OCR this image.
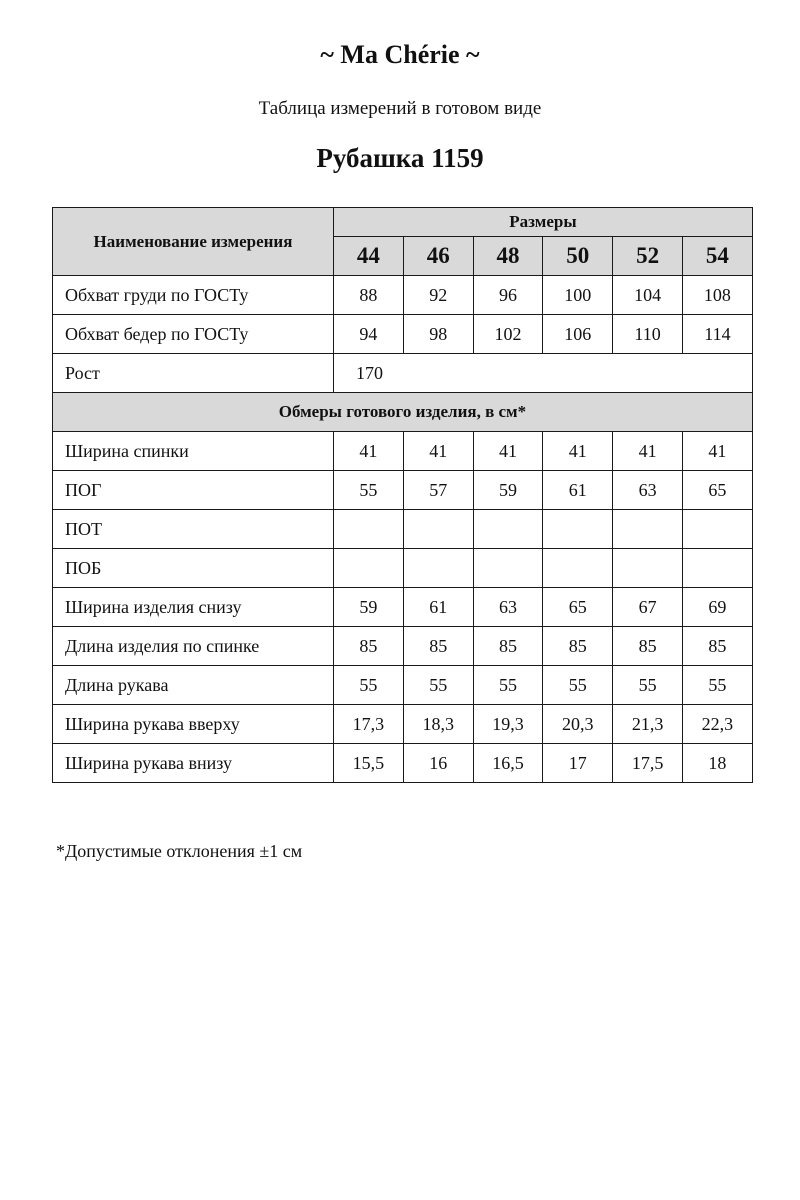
~ Ma Chérie ~
Таблица измерений в готовом виде
Рубашка 1159
Наименование измерения	Размеры					
	44	46	48	50	52	54
Обхват груди по ГОСТу	88	92	96	100	104	108
Обхват бедер по ГОСТу	94	98	102	106	110	114
Рост	170					
Обмеры готового изделия, в см*						
Ширина спинки	41	41	41	41	41	41
ПОГ	55	57	59	61	63	65
ПОТ						
ПОБ						
Ширина изделия снизу	59	61	63	65	67	69
Длина изделия по спинке	85	85	85	85	85	85
Длина рукава	55	55	55	55	55	55
Ширина рукава вверху	17,3	18,3	19,3	20,3	21,3	22,3
Ширина рукава внизу	15,5	16	16,5	17	17,5	18
*Допустимые отклонения ±1 см
